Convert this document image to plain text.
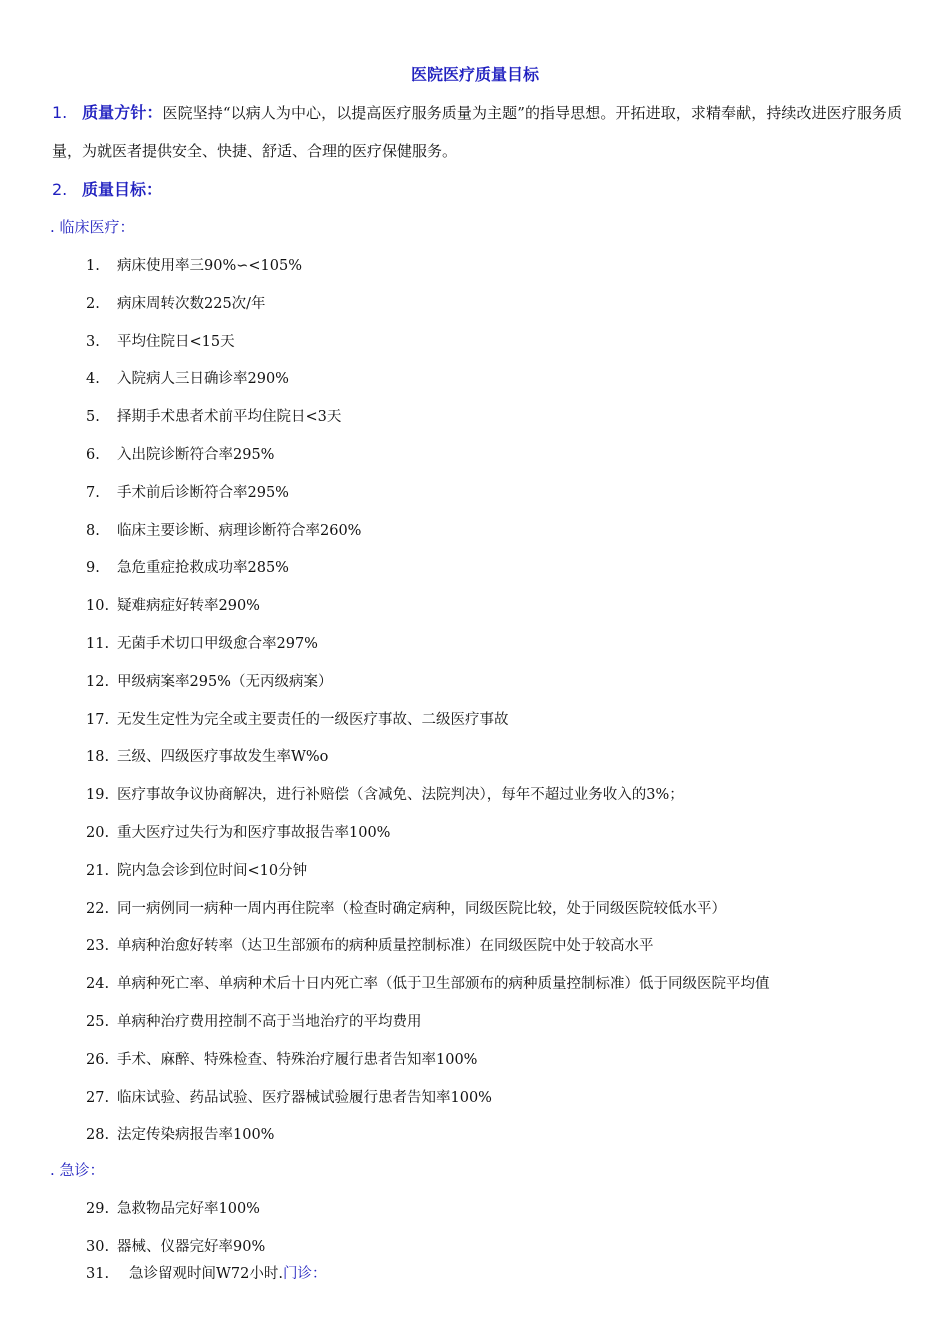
医院医疗质量目标
1. 质量方针：医院坚持“以病人为中心，以提高医疗服务质量为主题”的指导思想。开拓进取，求精奉献，持续改进医疗服务质量，为就医者提供安全、快捷、舒适、合理的医疗保健服务。
2. 质量目标：
. 临床医疗：
1. 病床使用率三90%∽<105%
2. 病床周转次数225次/年
3. 平均住院日<15天
4. 入院病人三日确诊率290%
5. 择期手术患者术前平均住院日<3天
6. 入出院诊断符合率295%
7. 手术前后诊断符合率295%
8. 临床主要诊断、病理诊断符合率260%
9. 急危重症抢救成功率285%
10. 疑难病症好转率290%
11. 无菌手术切口甲级愈合率297%
12. 甲级病案率295%（无丙级病案）
17. 无发生定性为完全或主要责任的一级医疗事故、二级医疗事故
18. 三级、四级医疗事故发生率W%o
19. 医疗事故争议协商解决，进行补赔偿（含减免、法院判决），每年不超过业务收入的3%；
20. 重大医疗过失行为和医疗事故报告率100%
21. 院内急会诊到位时间<10分钟
22. 同一病例同一病种一周内再住院率（检查时确定病种，同级医院比较，处于同级医院较低水平）
23. 单病种治愈好转率（达卫生部颁布的病种质量控制标准）在同级医院中处于较高水平
24. 单病种死亡率、单病种术后十日内死亡率（低于卫生部颁布的病种质量控制标准）低于同级医院平均值
25. 单病种治疗费用控制不高于当地治疗的平均费用
26. 手术、麻醉、特殊检查、特殊治疗履行患者告知率100%
27. 临床试验、药品试验、医疗器械试验履行患者告知率100%
28. 法定传染病报告率100%
. 急诊：
29. 急救物品完好率100%
30. 器械、仪器完好率90%
31. 急诊留观时间W72小时.门诊：
